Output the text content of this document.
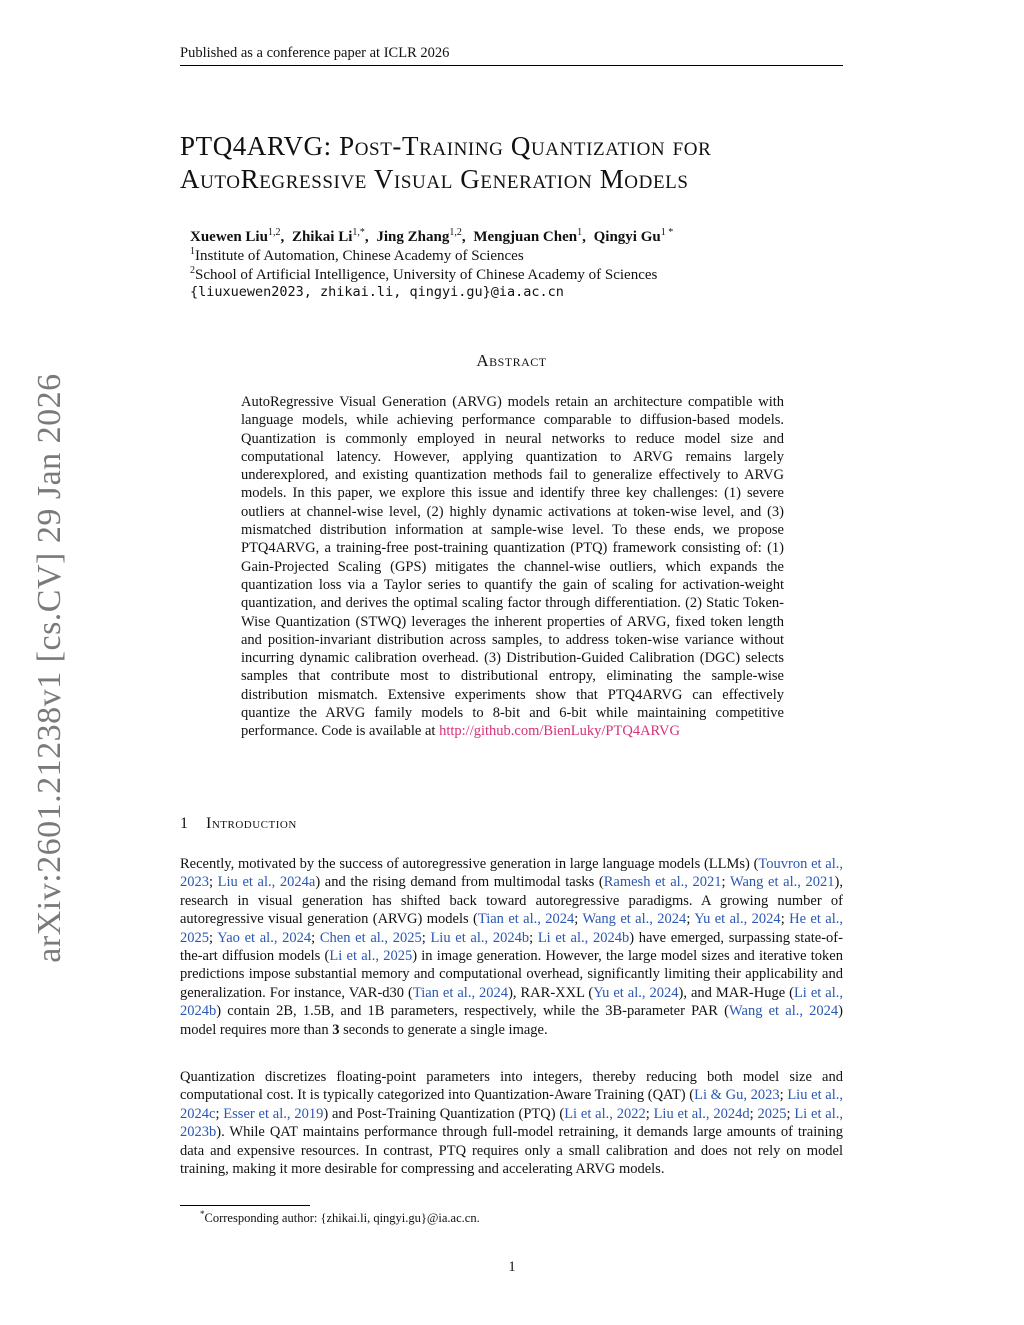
arXiv:2601.21238v1 [cs.CV] 29 Jan 2026
Published as a conference paper at ICLR 2026
PTQ4ARVG: Post-Training Quantization for
AutoRegressive Visual Generation Models
Xuewen Liu$^{1,2}$, Zhikai $Li^{1,*}$, Jing Zhang$^{1,2}$, Mengjuan Chen$^1$, Qingyi $Gu^{1 *}$
$^1$Institute of Automation, Chinese Academy of Sciences
$^2$School of Artificial Intelligence, University of Chinese Academy of Sciences
{liuxuewen2023, zhikai.li, qingyi.gu}@ia.ac.cn
Abstract

AutoRegressive Visual Generation (ARVG) models retain an architecture compatible with language models, while achieving performance comparable to diffusion-based models. Quantization is commonly employed in neural networks to reduce model size and computational latency. However, applying quantization to ARVG remains largely underexplored, and existing quantization methods fail to generalize effectively to ARVG models. In this paper, we explore this issue and identify three key challenges: (1) severe outliers at channel-wise level, (2) highly dynamic activations at token-wise level, and (3) mismatched distribution information at sample-wise level. To these ends, we propose PTQ4ARVG, a training-free post-training quantization (PTQ) framework consisting of: (1) Gain-Projected Scaling (GPS) mitigates the channel-wise outliers, which expands the quantization loss via a Taylor series to quantify the gain of scaling for activation-weight quantization, and derives the optimal scaling factor through differentiation. (2) Static Token-Wise Quantization (STWQ) leverages the inherent properties of ARVG, fixed token length and position-invariant distribution across samples, to address token-wise variance without incurring dynamic calibration overhead. (3) Distribution-Guided Calibration (DGC) selects samples that contribute most to distributional entropy, eliminating the sample-wise distribution mismatch. Extensive experiments show that PTQ4ARVG can effectively quantize the ARVG family models to 8-bit and 6-bit while maintaining competitive performance. Code is available at http://github.com/BienLuky/PTQ4ARVG

1 Introduction

Recently, motivated by the success of autoregressive generation in large language models (LLMs) (Touvron et al., 2023; Liu et al., 2024a) and the rising demand from multimodal tasks (Ramesh et al., 2021; Wang et al., 2021), research in visual generation has shifted back toward autoregressive paradigms. A growing number of autoregressive visual generation (ARVG) models (Tian et al., 2024; Wang et al., 2024; Yu et al., 2024; He et al., 2025; Yao et al., 2024; Chen et al., 2025; Liu et al., 2024b; Li et al., 2024b) have emerged, surpassing state-of-the-art diffusion models (Li et al., 2025) in image generation. However, the large model sizes and iterative token predictions impose substantial memory and computational overhead, significantly limiting their applicability and generalization. For instance, VAR-d30 (Tian et al., 2024), RAR-XXL (Yu et al., 2024), and MAR-Huge (Li et al., 2024b) contain 2B, 1.5B, and 1B parameters, respectively, while the 3B-parameter PAR (Wang et al., 2024) model requires more than 3 seconds to generate a single image.

Quantization discretizes floating-point parameters into integers, thereby reducing both model size and computational cost. It is typically categorized into Quantization-Aware Training (QAT) (Li & Gu, 2023; Liu et al., 2024c; Esser et al., 2019) and Post-Training Quantization (PTQ) (Li et al., 2022; Liu et al., 2024d; 2025; Li et al., 2023b). While QAT maintains performance through full-model retraining, it demands large amounts of training data and expensive resources. In contrast, PTQ requires only a small calibration and does not rely on model training, making it more desirable for compressing and accelerating ARVG models.

*Corresponding author: {zhikai.li, qingyi.gu}@ia.ac.cn.
1
